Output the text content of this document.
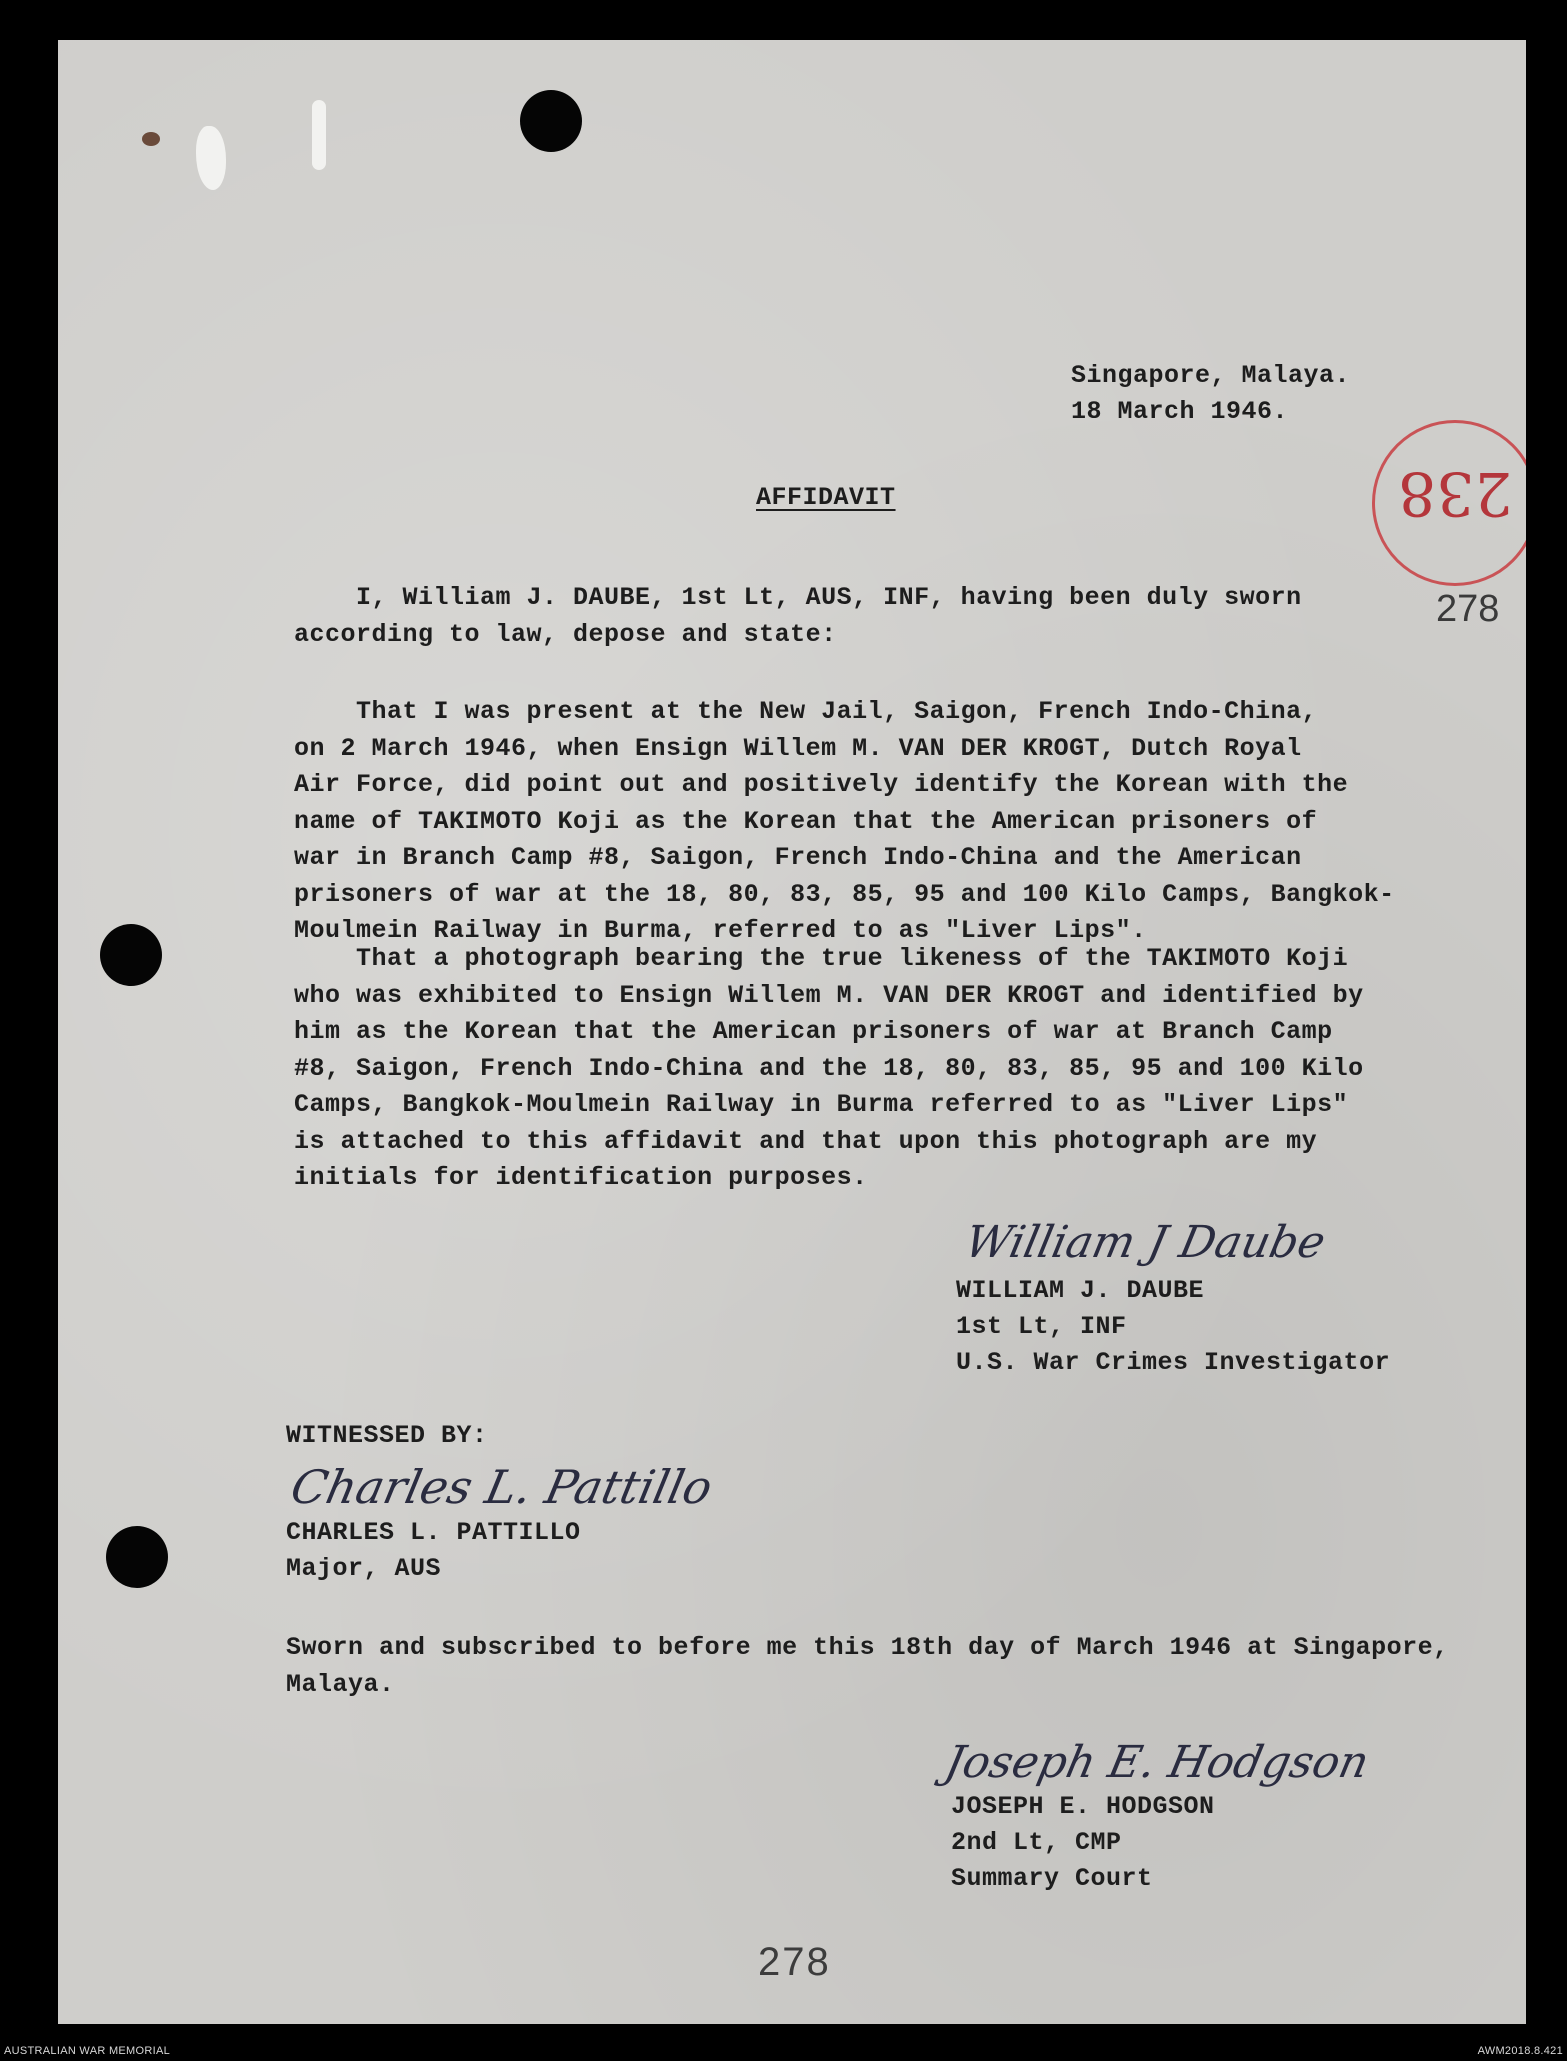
Singapore, Malaya.
18 March 1946.
238
278
AFFIDAVIT
I, William J. DAUBE, 1st Lt, AUS, INF, having been duly sworn
according to law, depose and state:
That I was present at the New Jail, Saigon, French Indo-China,
on 2 March 1946, when Ensign Willem M. VAN DER KROGT, Dutch Royal
Air Force, did point out and positively identify the Korean with the
name of TAKIMOTO Koji as the Korean that the American prisoners of
war in Branch Camp #8, Saigon, French Indo-China and the American
prisoners of war at the 18, 80, 83, 85, 95 and 100 Kilo Camps, Bangkok-
Moulmein Railway in Burma, referred to as "Liver Lips".
That a photograph bearing the true likeness of the TAKIMOTO Koji
who was exhibited to Ensign Willem M. VAN DER KROGT and identified by
him as the Korean that the American prisoners of war at Branch Camp
#8, Saigon, French Indo-China and the 18, 80, 83, 85, 95 and 100 Kilo
Camps, Bangkok-Moulmein Railway in Burma referred to as "Liver Lips"
is attached to this affidavit and that upon this photograph are my
initials for identification purposes.
William J Daube
WILLIAM J. DAUBE
1st Lt, INF
U.S. War Crimes Investigator
WITNESSED BY:
Charles L. Pattillo
CHARLES L. PATTILLO
Major, AUS
Sworn and subscribed to before me this 18th day of March 1946 at Singapore,
Malaya.
Joseph E. Hodgson
JOSEPH E. HODGSON
2nd Lt, CMP
Summary Court
278
AUSTRALIAN WAR MEMORIAL	AWM2018.8.421
